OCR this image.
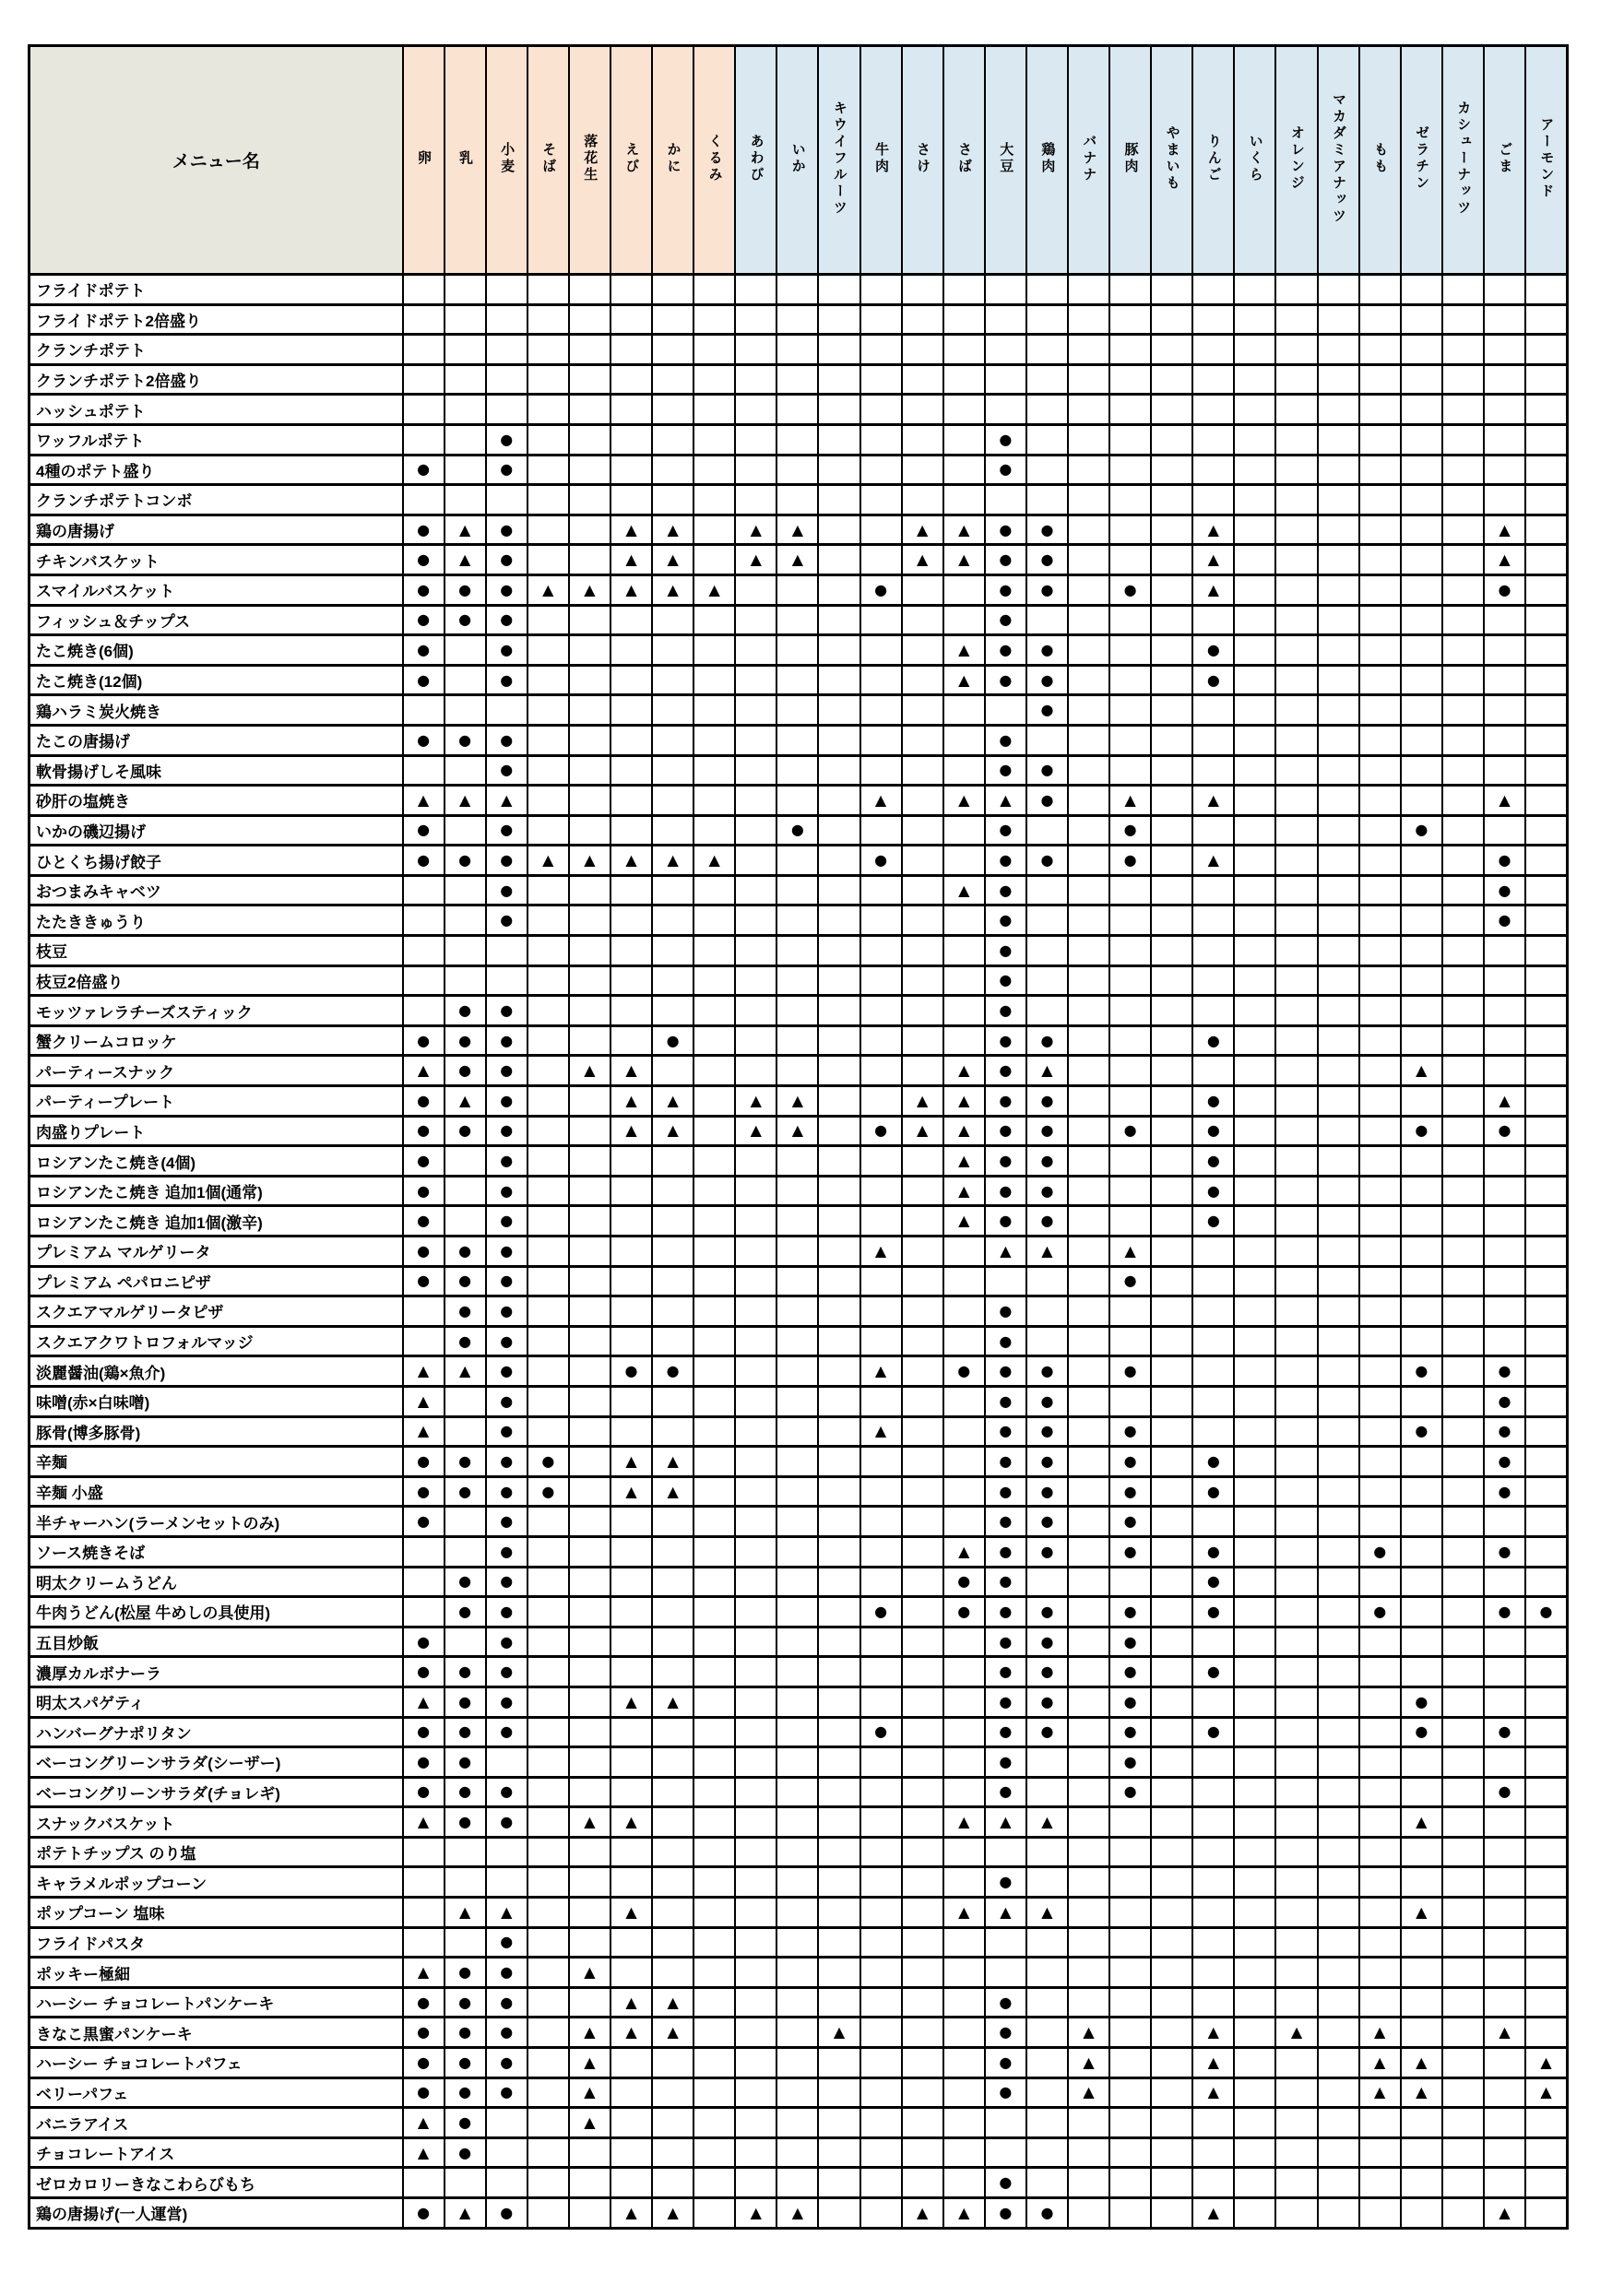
メニュー名	卵	乳	小麦	そば	落花生	えび	かに	くるみ	あわび	いか	キウイフルーツ	牛肉	さけ	さば	大豆	鶏肉	バナナ	豚肉	やまいも	りんご	いくら	オレンジ	マカダミアナッツ	もも	ゼラチン	カシューナッツ	ごま	アーモンド
フライドポテト																												
フライドポテト2倍盛り																												
クランチポテト																												
クランチポテト2倍盛り																												
ハッシュポテト																												
ワッフルポテト			●												●													
4種のポテト盛り	●		●												●													
クランチポテトコンボ																												
鶏の唐揚げ	●	▲	●			▲	▲		▲	▲			▲	▲	●	●				▲							▲	
チキンバスケット	●	▲	●			▲	▲		▲	▲			▲	▲	●	●				▲							▲	
スマイルバスケット	●	●	●	▲	▲	▲	▲	▲				●			●	●		●		▲							●	
フィッシュ＆チップス	●	●	●												●													
たこ焼き(6個)	●		●											▲	●	●				●								
たこ焼き(12個)	●		●											▲	●	●				●								
鶏ハラミ炭火焼き																●												
たこの唐揚げ	●	●	●												●													
軟骨揚げしそ風味			●												●	●												
砂肝の塩焼き	▲	▲	▲									▲		▲	▲	●		▲		▲							▲	
いかの磯辺揚げ	●		●							●					●			●							●			
ひとくち揚げ餃子	●	●	●	▲	▲	▲	▲	▲				●			●	●		●		▲							●	
おつまみキャベツ			●											▲	●												●	
たたききゅうり			●												●												●	
枝豆															●													
枝豆2倍盛り															●													
モッツァレラチーズスティック		●	●												●													
蟹クリームコロッケ	●	●	●				●								●	●				●								
パーティースナック	▲	●	●		▲	▲								▲	●	▲									▲			
パーティープレート	●	▲	●			▲	▲		▲	▲			▲	▲	●	●				●							▲	
肉盛りプレート	●	●	●			▲	▲		▲	▲		●	▲	▲	●	●		●		●					●		●	
ロシアンたこ焼き(4個)	●		●											▲	●	●				●								
ロシアンたこ焼き 追加1個(通常)	●		●											▲	●	●				●								
ロシアンたこ焼き 追加1個(激辛)	●		●											▲	●	●				●								
プレミアム マルゲリータ	●	●	●									▲			▲	▲		▲										
プレミアム ペパロニピザ	●	●	●															●										
スクエアマルゲリータピザ		●	●												●													
スクエアクワトロフォルマッジ		●	●												●													
淡麗醤油(鶏×魚介)	▲	▲	●			●	●					▲		●	●	●		●							●		●	
味噌(赤×白味噌)	▲		●												●	●											●	
豚骨(博多豚骨)	▲		●									▲			●	●		●							●		●	
辛麺	●	●	●	●		▲	▲								●	●		●		●							●	
辛麺 小盛	●	●	●	●		▲	▲								●	●		●		●							●	
半チャーハン(ラーメンセットのみ)	●		●												●	●		●										
ソース焼きそば			●											▲	●	●		●		●				●			●	
明太クリームうどん		●	●											●	●					●								
牛肉うどん(松屋 牛めしの具使用)		●	●									●		●	●	●		●		●				●			●	●
五目炒飯	●		●												●	●		●										
濃厚カルボナーラ	●	●	●												●	●		●		●								
明太スパゲティ	▲	●	●			▲	▲								●	●		●							●			
ハンバーグナポリタン	●	●	●									●			●	●		●		●					●		●	
ベーコングリーンサラダ(シーザー)	●	●													●			●										
ベーコングリーンサラダ(チョレギ)	●	●	●												●			●									●	
スナックバスケット	▲	●	●		▲	▲								▲	▲	▲									▲			
ポテトチップス のり塩																												
キャラメルポップコーン															●													
ポップコーン 塩味		▲	▲			▲								▲	▲	▲									▲			
フライドパスタ			●																									
ポッキー極細	▲	●	●		▲																							
ハーシー チョコレートパンケーキ	●	●	●			▲	▲								●													
きなこ黒蜜パンケーキ	●	●	●		▲	▲	▲				▲				●		▲			▲		▲		▲			▲	
ハーシー チョコレートパフェ	●	●	●		▲										●		▲			▲				▲	▲			▲
ベリーパフェ	●	●	●		▲										●		▲			▲				▲	▲			▲
バニラアイス	▲	●			▲																							
チョコレートアイス	▲	●																										
ゼロカロリーきなこわらびもち															●													
鶏の唐揚げ(一人運営)	●	▲	●			▲	▲		▲	▲			▲	▲	●	●				▲							▲	
